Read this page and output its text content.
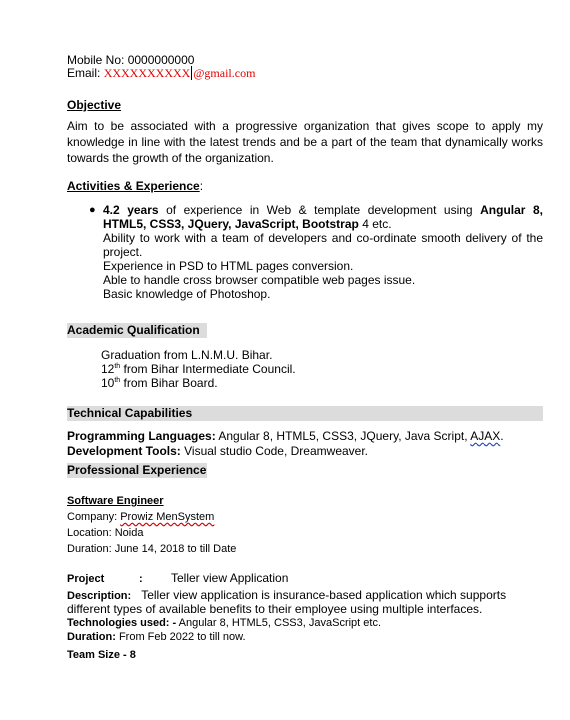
Mobile No: 0000000000
Email: XXXXXXXXXX @gmail.com
Objective
Aim to be associated with a progressive organization that gives scope to apply my knowledge in line with the latest trends and be a part of the team that dynamically works towards the growth of the organization.
Activities & Experience:
● 4.2 years of experience in Web & template development using Angular 8, HTML5, CSS3, JQuery, JavaScript, Bootstrap 4 etc.
Ability to work with a team of developers and co-ordinate smooth delivery of the project.
Experience in PSD to HTML pages conversion.
Able to handle cross browser compatible web pages issue.
Basic knowledge of Photoshop.
Academic Qualification
Graduation from L.N.M.U. Bihar.
12th from Bihar Intermediate Council.
10th from Bihar Board.
Technical Capabilities
Programming Languages: Angular 8, HTML5, CSS3, JQuery, Java Script, AJAX.
Development Tools: Visual studio Code, Dreamweaver.
Professional Experience
Software Engineer
Company: Prowiz MenSystem
Location: Noida
Duration: June 14, 2018 to till Date
Project	: Teller view Application
Description: Teller view application is insurance-based application which supports different types of available benefits to their employee using multiple interfaces.
Technologies used: - Angular 8, HTML5, CSS3, JavaScript etc.
Duration: From Feb 2022 to till now.
Team Size - 8
